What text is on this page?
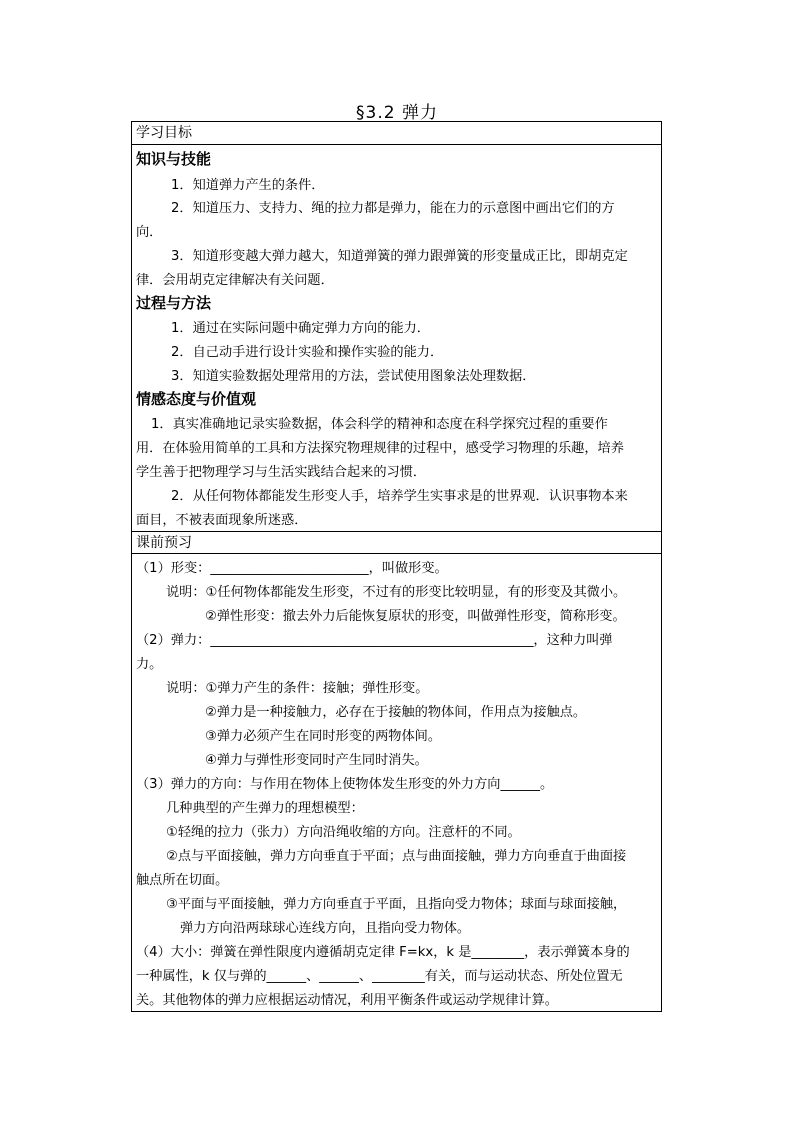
§3.2 弹力
学习目标
知识与技能
1．知道弹力产生的条件．
2．知道压力、支持力、绳的拉力都是弹力，能在力的示意图中画出它们的方
向．
3．知道形变越大弹力越大，知道弹簧的弹力跟弹簧的形变量成正比，即胡克定
律．会用胡克定律解决有关问题．
过程与方法
1．通过在实际问题中确定弹力方向的能力．
2．自己动手进行设计实验和操作实验的能力．
3．知道实验数据处理常用的方法，尝试使用图象法处理数据．
情感态度与价值观
1．真实准确地记录实验数据，体会科学的精神和态度在科学探究过程的重要作
用．在体验用简单的工具和方法探究物理规律的过程中，感受学习物理的乐趣，培养
学生善于把物理学习与生活实践结合起来的习惯．
2．从任何物体都能发生形变人手，培养学生实事求是的世界观．认识事物本来
面目，不被表面现象所迷惑．
课前预习
（1）形变：________________________，叫做形变。
说明：①任何物体都能发生形变，不过有的形变比较明显，有的形变及其微小。
②弹性形变：撤去外力后能恢复原状的形变，叫做弹性形变，简称形变。
（2）弹力：_________________________________________________，这种力叫弹
力。
说明：①弹力产生的条件：接触；弹性形变。
②弹力是一种接触力，必存在于接触的物体间，作用点为接触点。
③弹力必须产生在同时形变的两物体间。
④弹力与弹性形变同时产生同时消失。
（3）弹力的方向：与作用在物体上使物体发生形变的外力方向______。
几种典型的产生弹力的理想模型：
①轻绳的拉力（张力）方向沿绳收缩的方向。注意杆的不同。
②点与平面接触，弹力方向垂直于平面；点与曲面接触，弹力方向垂直于曲面接
触点所在切面。
③平面与平面接触，弹力方向垂直于平面，且指向受力物体；球面与球面接触，
弹力方向沿两球球心连线方向，且指向受力物体。
（4）大小：弹簧在弹性限度内遵循胡克定律 F=kx，k 是________，表示弹簧本身的
一种属性，k 仅与弹的______、______、________有关，而与运动状态、所处位置无
关。其他物体的弹力应根据运动情况，利用平衡条件或运动学规律计算。
